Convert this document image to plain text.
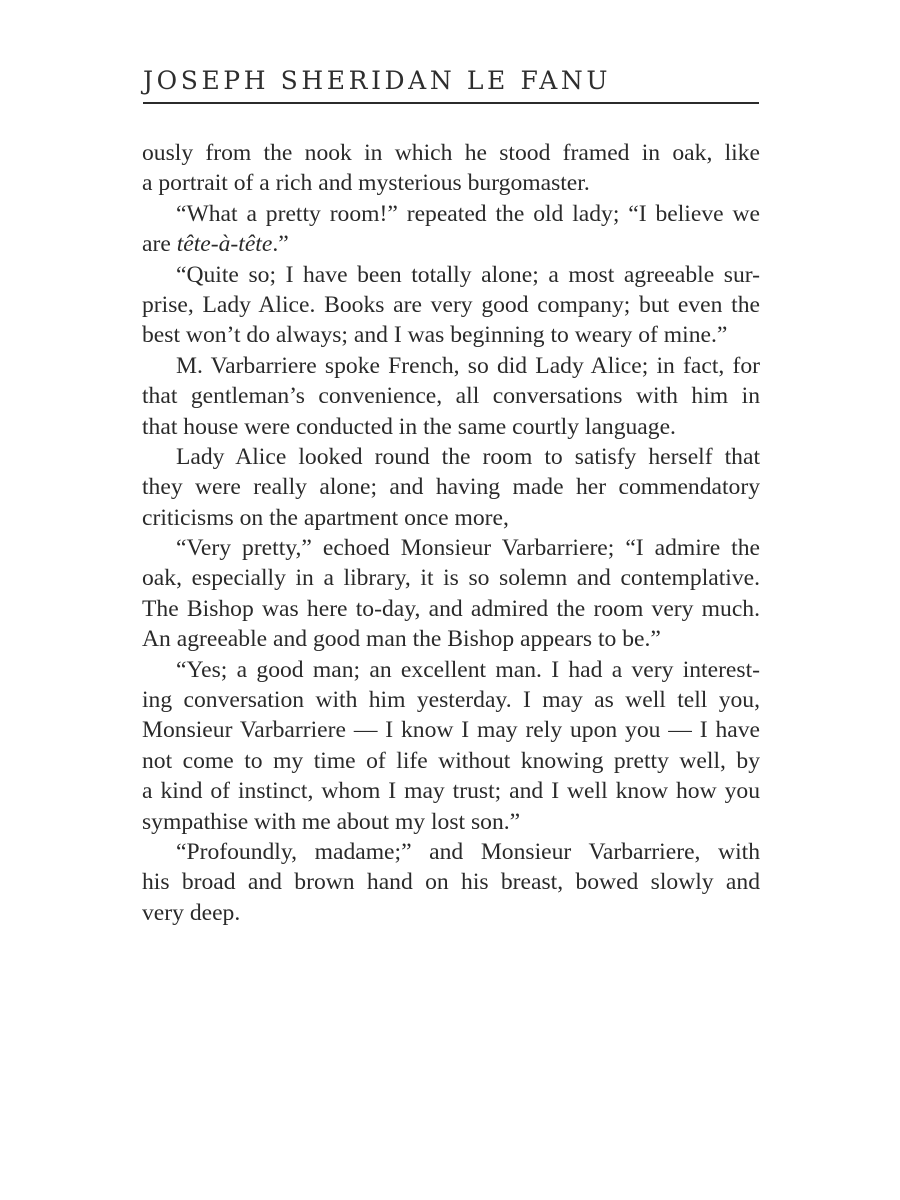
JOSEPH SHERIDAN LE FANU
ously from the nook in which he stood framed in oak, like
a portrait of a rich and mysterious burgomaster.
“What a pretty room!” repeated the old lady; “I believe we
are tête-à-tête.”
“Quite so; I have been totally alone; a most agreeable sur-
prise, Lady Alice. Books are very good company; but even the
best won’t do always; and I was beginning to weary of mine.”
M. Varbarriere spoke French, so did Lady Alice; in fact, for
that gentleman’s convenience, all conversations with him in
that house were conducted in the same courtly language.
Lady Alice looked round the room to satisfy herself that
they were really alone; and having made her commendatory
criticisms on the apartment once more,
“Very pretty,” echoed Monsieur Varbarriere; “I admire the
oak, especially in a library, it is so solemn and contemplative.
The Bishop was here to-day, and admired the room very much.
An agreeable and good man the Bishop appears to be.”
“Yes; a good man; an excellent man. I had a very interest-
ing conversation with him yesterday. I may as well tell you,
Monsieur Varbarriere — I know I may rely upon you — I have
not come to my time of life without knowing pretty well, by
a kind of instinct, whom I may trust; and I well know how you
sympathise with me about my lost son.”
“Profoundly, madame;” and Monsieur Varbarriere, with
his broad and brown hand on his breast, bowed slowly and
very deep.
